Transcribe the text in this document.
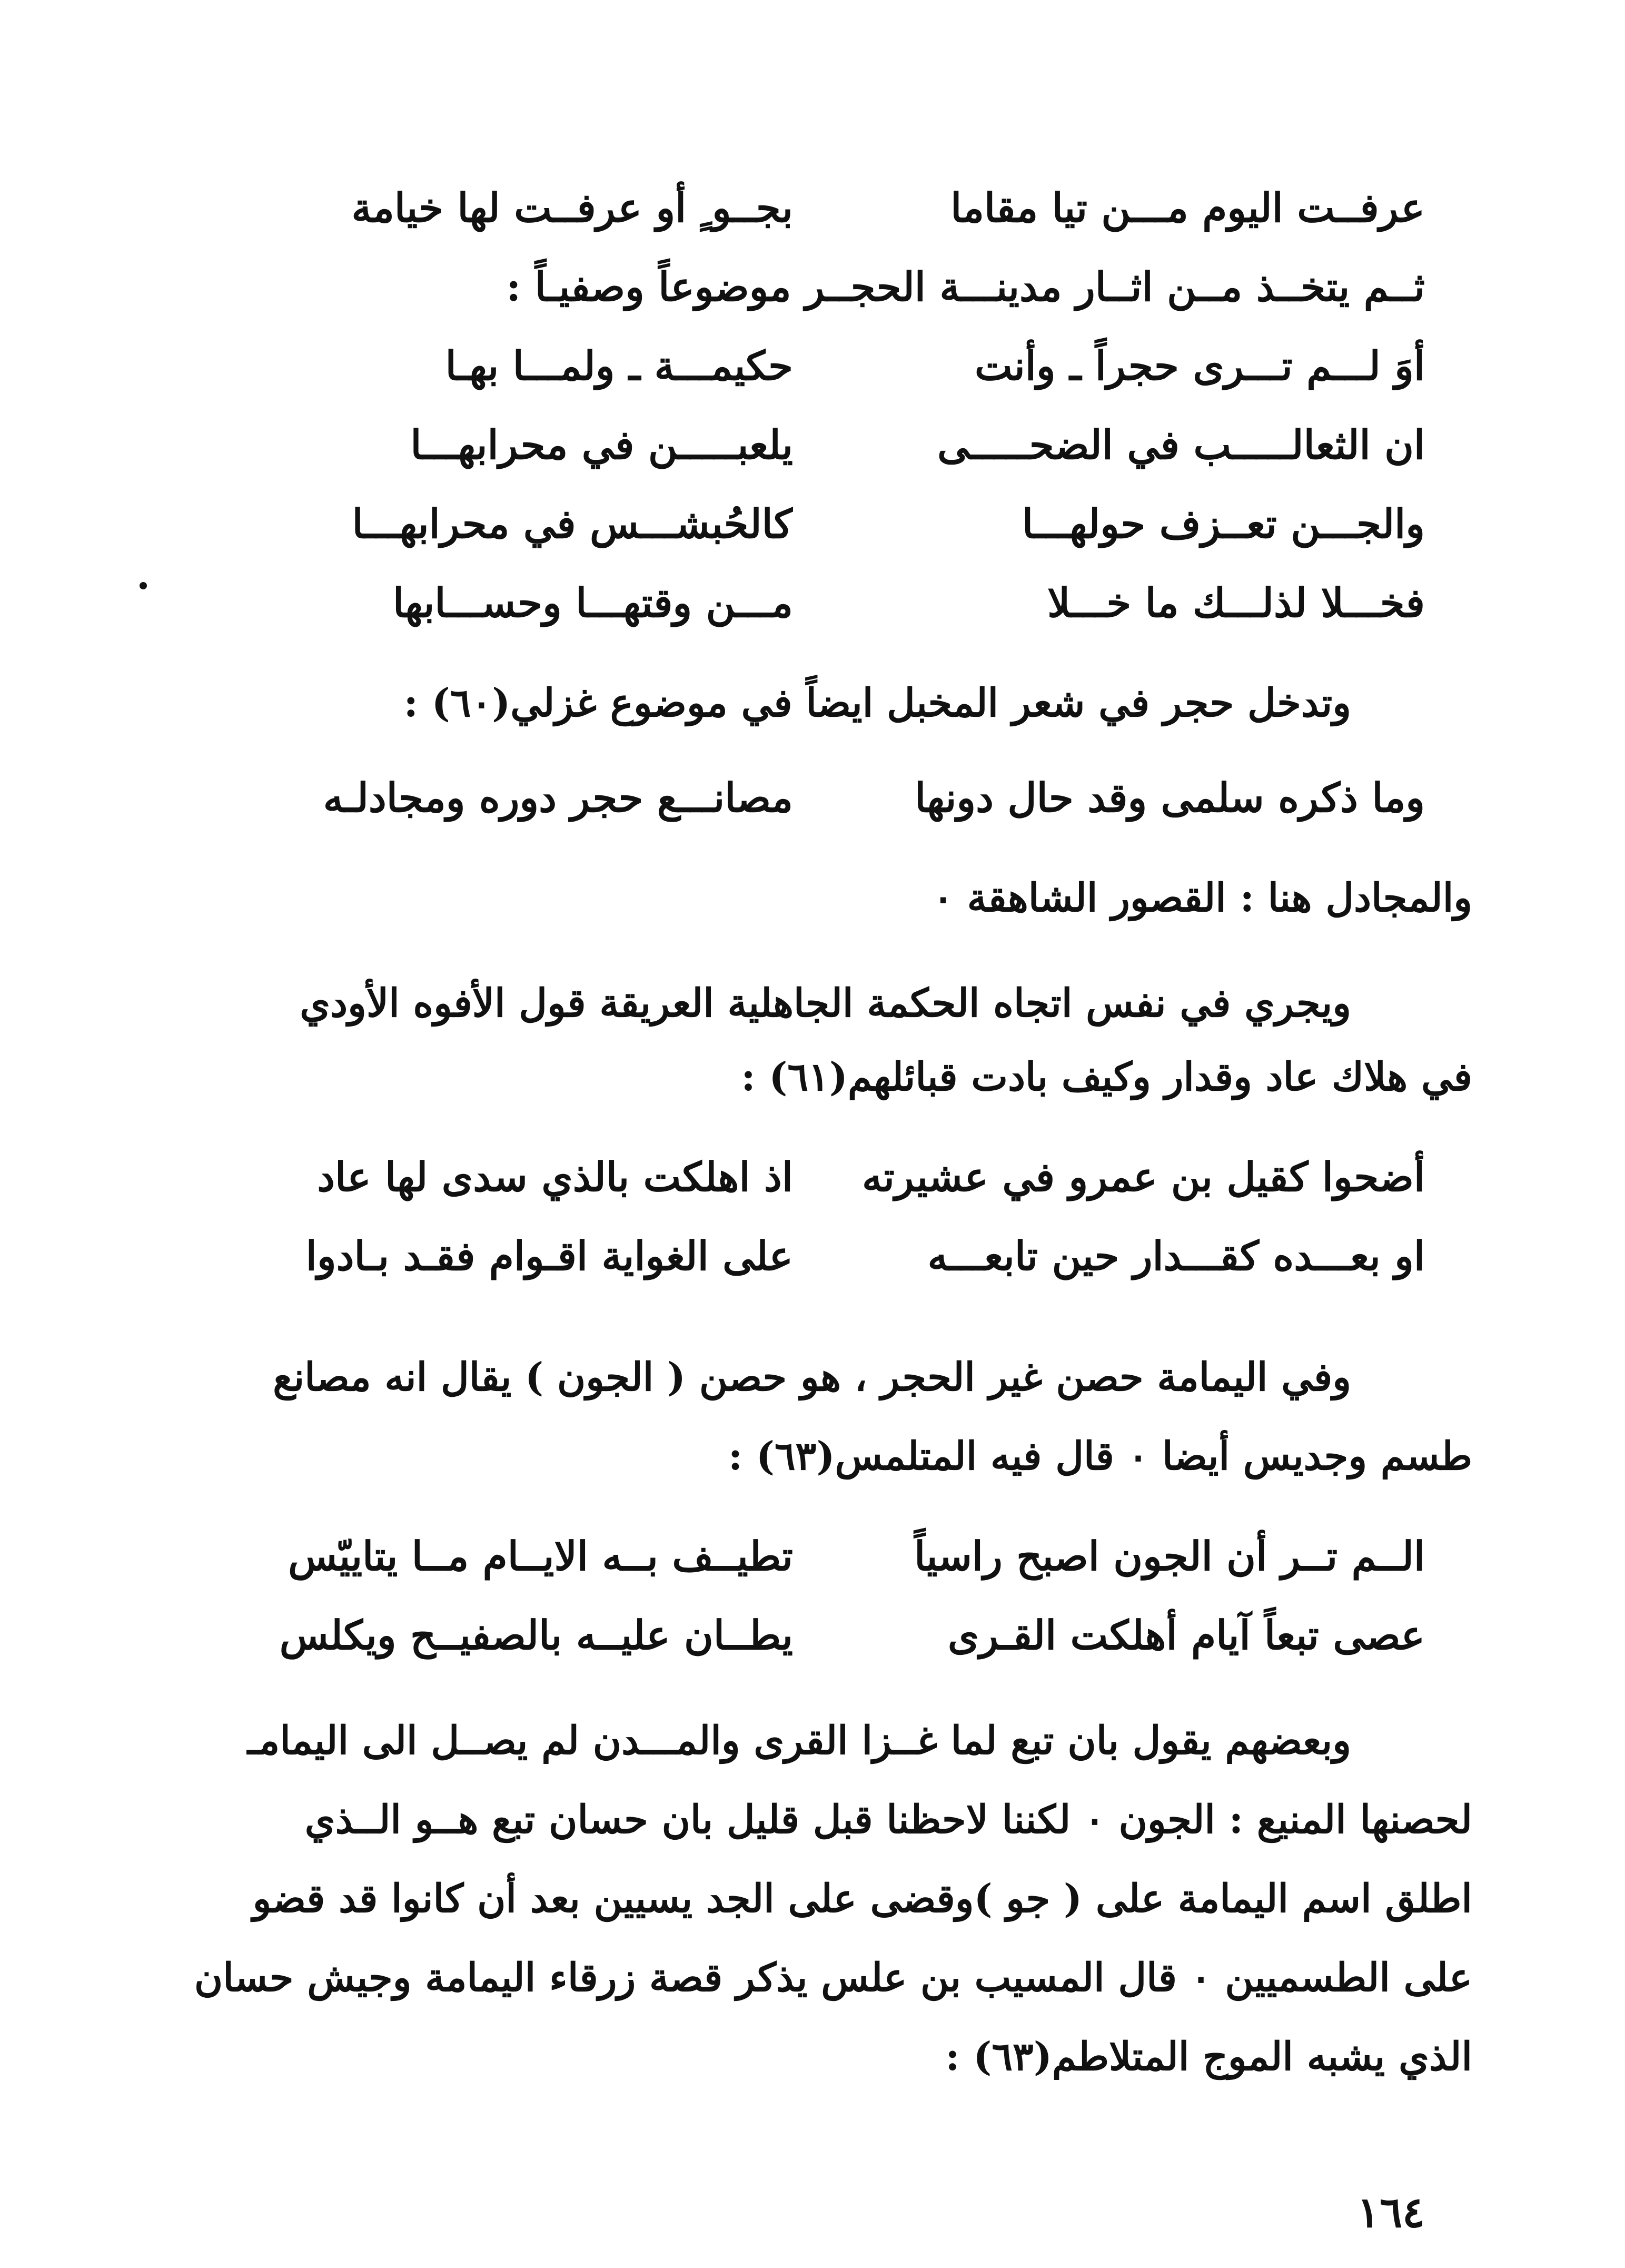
عرفــت اليوم مـــن تيا مقاما
بجــو ٍ أو عرفــت لها خيامة
ثــم يتخــذ مــن اثــار مدينـــة الحجــر موضوعاً وصفيـاً :
أوَ لـــم تـــرى حجراً ـ وأنت
حكيمـــة ـ ولمـــا بهـا
ان الثعالـــــب في الضحـــــى
يلعبـــــن في محرابهـــا
والجـــن تعــزف حولهـــا
كالحُبشـــس في محرابهـــا
فخـــلا لذلـــك ما خـــلا
مـــن وقتهـــا وحســـابها
وتدخل حجر في شعر المخبل ايضاً في موضوع غزلي(٦٠) :
وما ذكره سلمى وقد حال دونها
مصانـــع حجر دوره ومجادلـه
والمجادل هنا : القصور الشاهقة ٠
ويجري في نفس اتجاه الحكمة الجاهلية العريقة قول الأفوه الأودي
في هلاك عاد وقدار وكيف بادت قبائلهم(٦١) :
أضحوا كقيل بن عمرو في عشيرته
اذ اهلكت بالذي سدى لها عاد
او بعـــده كقـــدار حين تابعـــه
على الغواية اقـوام فقـد بـادوا
وفي اليمامة حصن غير الحجر ، هو حصن ( الجون ) يقال انه مصانع
طسم وجديس أيضا ٠ قال فيه المتلمس(٦٣) :
الــم تــر أن الجون اصبح راسياً
تطيــف بــه الايــام مــا يتاييّس
عصى تبعاً آيام أهلكت القـرى
يطــان عليــه بالصفيــح ويكلس
وبعضهم يقول بان تبع لما غــزا القرى والمـــدن لم يصــل الى اليمامـ
لحصنها المنيع : الجون ٠ لكننا لاحظنا قبل قليل بان حسان تبع هــو الــذي
اطلق اسم اليمامة على ( جو )وقضى على الجد يسيين بعد أن كانوا قد قضو
على الطسميين ٠ قال المسيب بن علس يذكر قصة زرقاء اليمامة وجيش حسان
الذي يشبه الموج المتلاطم(٦٣) :
١٦٤
